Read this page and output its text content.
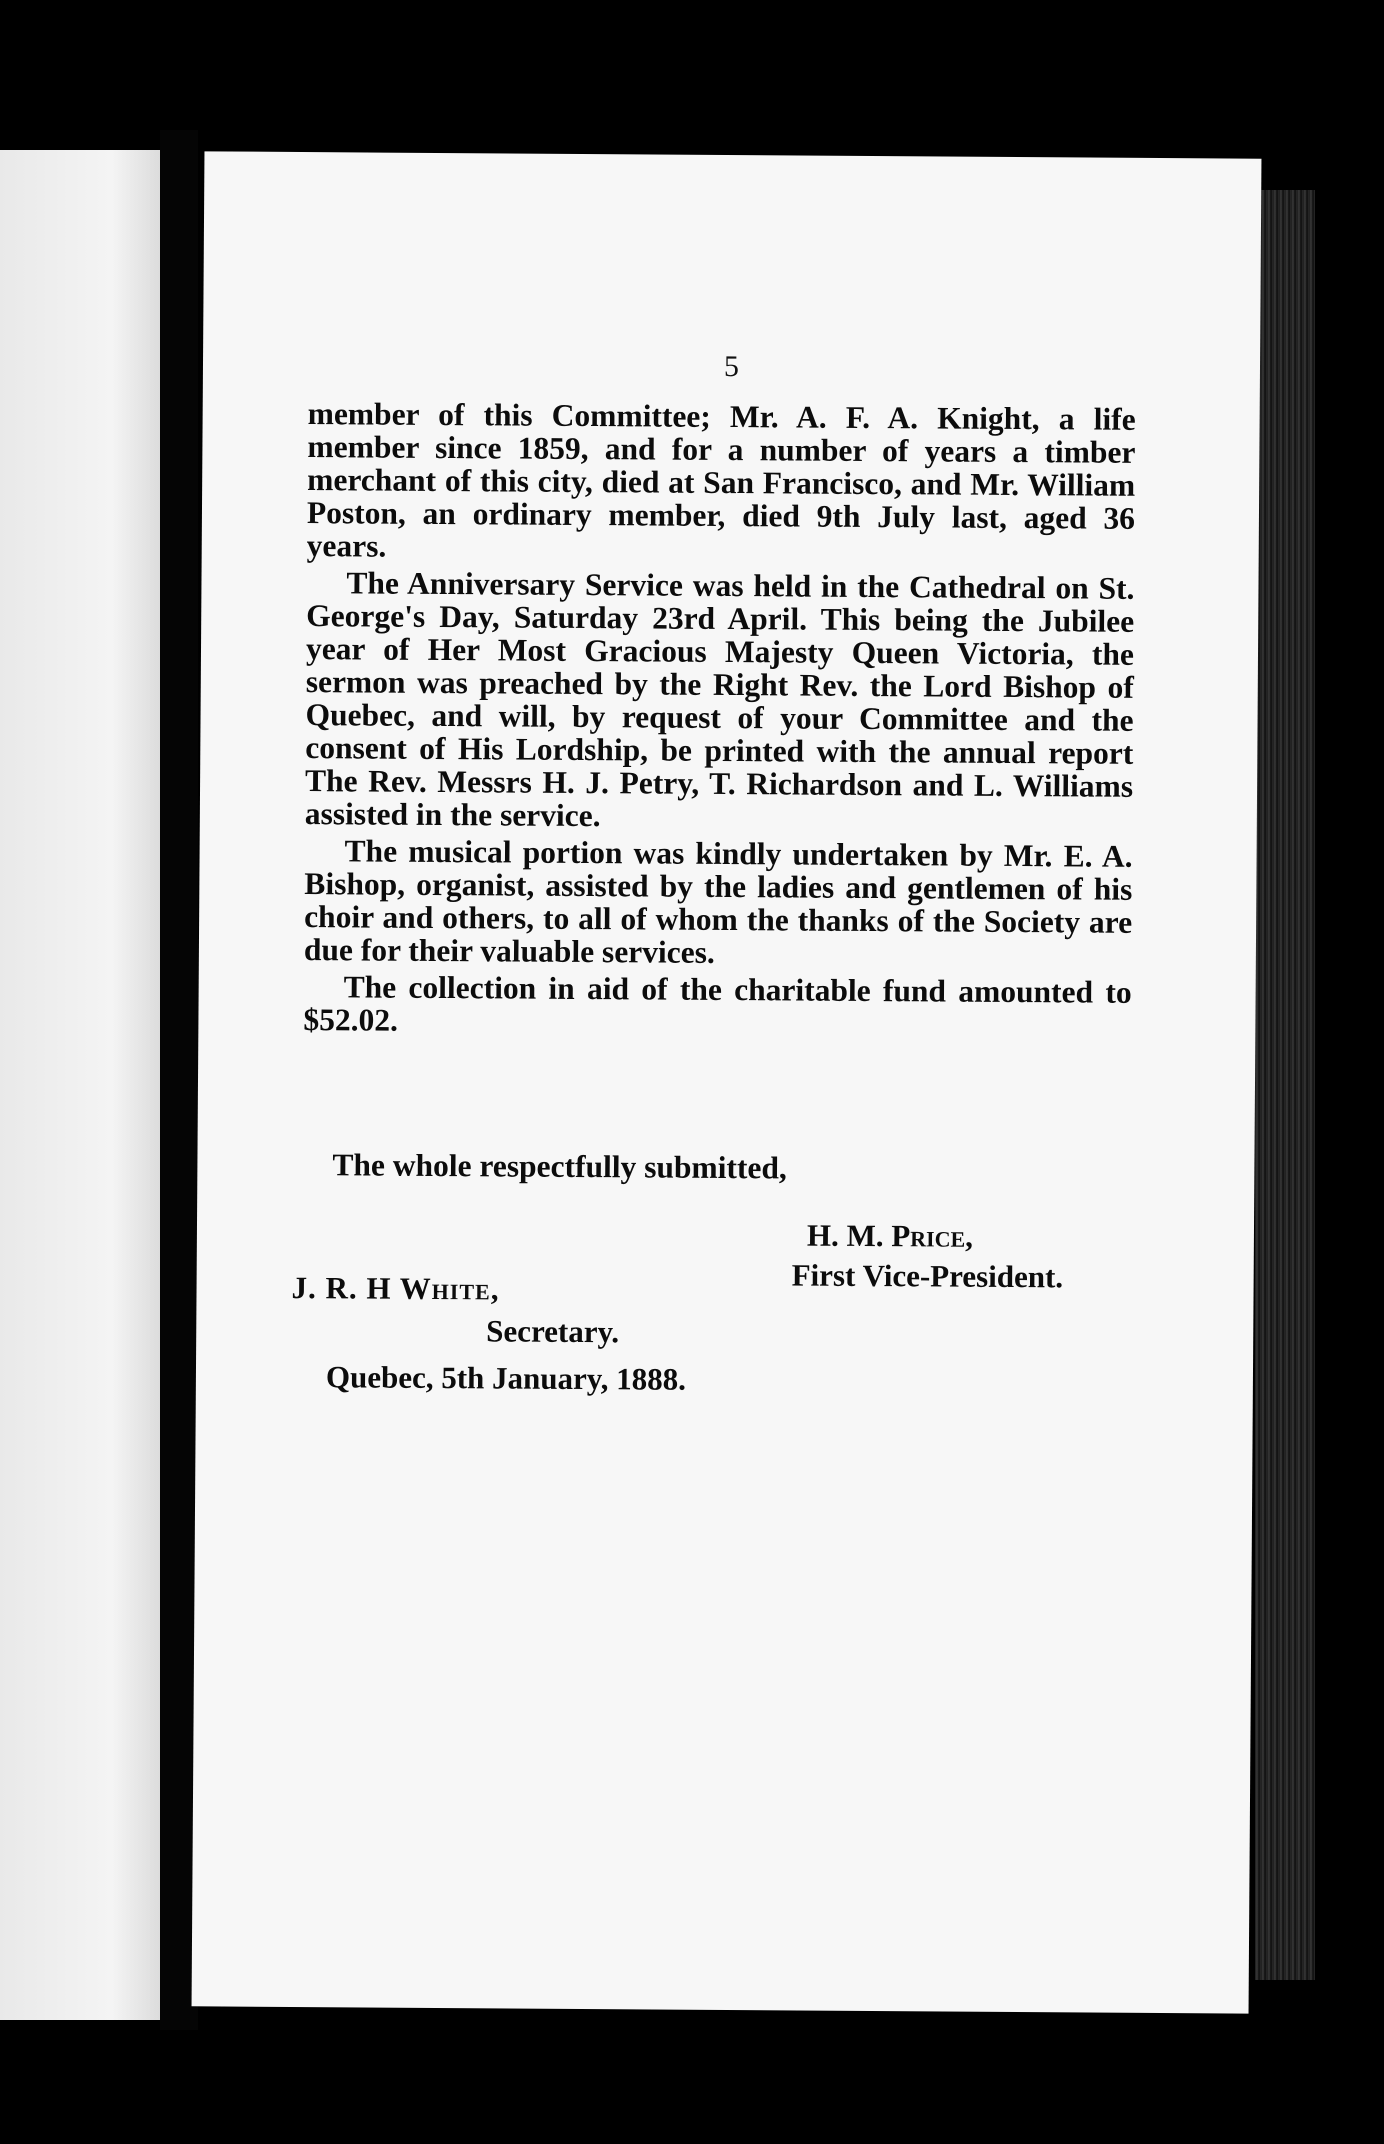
5

member of this Committee; Mr. A. F. A. Knight, a life member since 1859, and for a number of years a timber merchant of this city, died at San Francisco, and Mr. William Poston, an ordinary member, died 9th July last, aged 36 years.

The Anniversary Service was held in the Cathedral on St. George's Day, Saturday 23rd April. This being the Jubilee year of Her Most Gracious Majesty Queen Victoria, the sermon was preached by the Right Rev. the Lord Bishop of Quebec, and will, by request of your Committee and the consent of His Lordship, be printed with the annual report The Rev. Messrs H. J. Petry, T. Richardson and L. Williams assisted in the service.

The musical portion was kindly undertaken by Mr. E. A. Bishop, organist, assisted by the ladies and gentlemen of his choir and others, to all of whom the thanks of the Society are due for their valuable services.

The collection in aid of the charitable fund amounted to $52.02.

The whole respectfully submitted,
H. M. Price,
First Vice-President.
J. R. H White,
Secretary.
Quebec, 5th January, 1888.
